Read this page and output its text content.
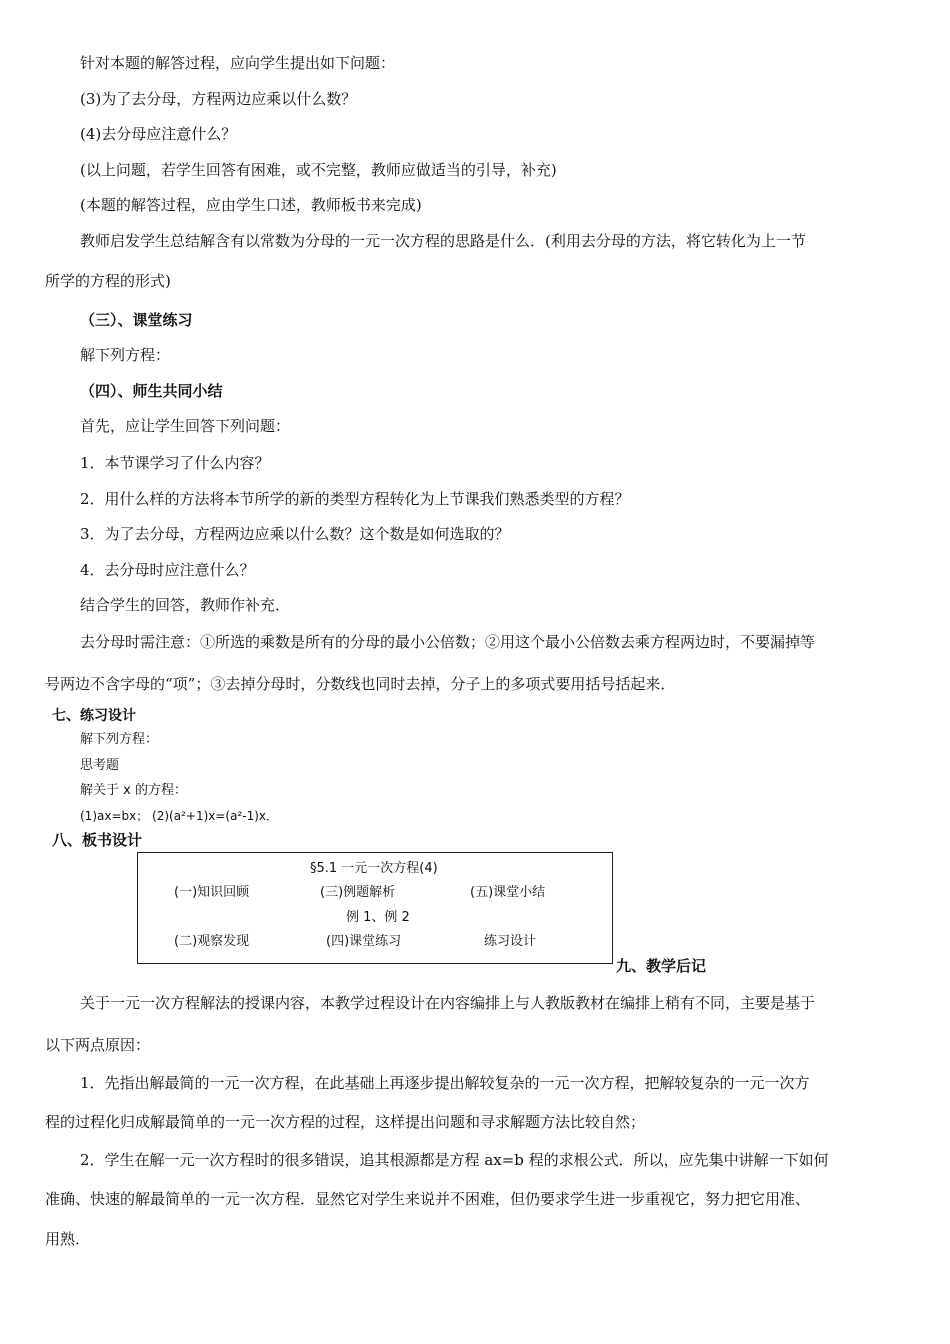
针对本题的解答过程，应向学生提出如下问题：
(3)为了去分母，方程两边应乘以什么数？
(4)去分母应注意什么？
(以上问题，若学生回答有困难，或不完整，教师应做适当的引导，补充)
(本题的解答过程，应由学生口述，教师板书来完成)
教师启发学生总结解含有以常数为分母的一元一次方程的思路是什么．(利用去分母的方法，将它转化为上一节
所学的方程的形式)
（三）、课堂练习
解下列方程：
（四）、师生共同小结
首先，应让学生回答下列问题：
1．本节课学习了什么内容？
2．用什么样的方法将本节所学的新的类型方程转化为上节课我们熟悉类型的方程？
3．为了去分母，方程两边应乘以什么数？这个数是如何选取的？
4．去分母时应注意什么？
结合学生的回答，教师作补充．
去分母时需注意：①所选的乘数是所有的分母的最小公倍数；②用这个最小公倍数去乘方程两边时，不要漏掉等
号两边不含字母的“项”；③去掉分母时，分数线也同时去掉，分子上的多项式要用括号括起来．
七、练习设计
解下列方程：
思考题
解关于 x 的方程：
(1)ax=bx； (2)(a²+1)x=(a²-1)x．
八、板书设计
§5.1 一元一次方程(4)
(一)知识回顾	(三)例题解析	(五)课堂小结
例 1、例 2
(二)观察发现	(四)课堂练习	练习设计
九、教学后记
关于一元一次方程解法的授课内容，本教学过程设计在内容编排上与人教版教材在编排上稍有不同，主要是基于
以下两点原因：
1．先指出解最简的一元一次方程，在此基础上再逐步提出解较复杂的一元一次方程，把解较复杂的一元一次方
程的过程化归成解最简单的一元一次方程的过程，这样提出问题和寻求解题方法比较自然；
2．学生在解一元一次方程时的很多错误，追其根源都是方程 ax=b 程的求根公式．所以，应先集中讲解一下如何
准确、快速的解最简单的一元一次方程．显然它对学生来说并不困难，但仍要求学生进一步重视它，努力把它用准、
用熟．
